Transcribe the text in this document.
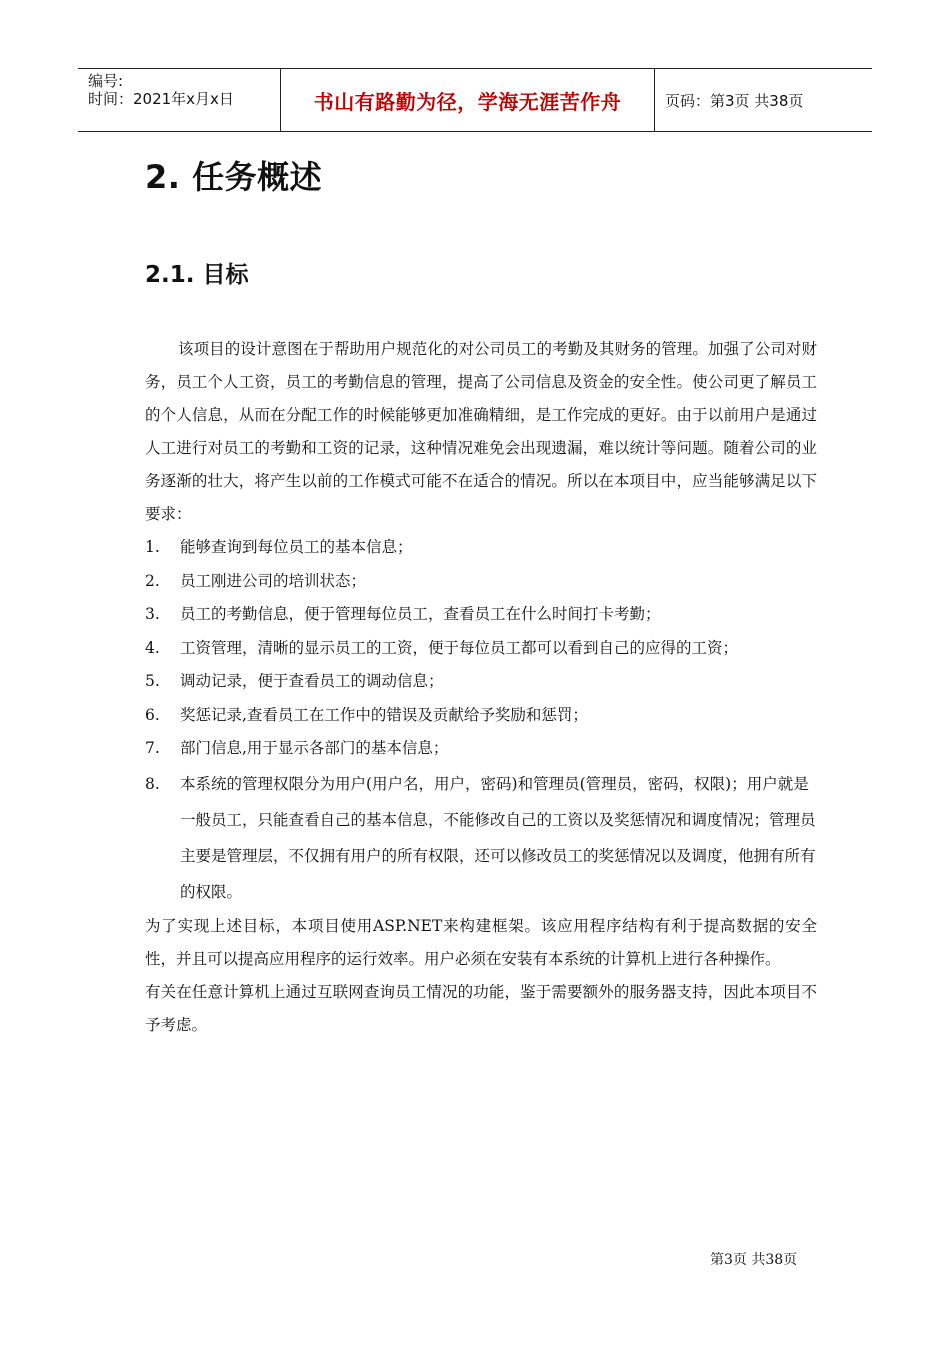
编号:
时间：2021年x月x日	书山有路勤为径，学海无涯苦作舟	页码：第3页 共38页
2. 任务概述
2.1. 目标

该项目的设计意图在于帮助用户规范化的对公司员工的考勤及其财务的管理。加强了公司对财务，员工个人工资，员工的考勤信息的管理，提高了公司信息及资金的安全性。使公司更了解员工的个人信息，从而在分配工作的时候能够更加准确精细，是工作完成的更好。由于以前用户是通过人工进行对员工的考勤和工资的记录，这种情况难免会出现遗漏，难以统计等问题。随着公司的业务逐渐的壮大，将产生以前的工作模式可能不在适合的情况。所以在本项目中，应当能够满足以下要求：

1. 能够查询到每位员工的基本信息；
2. 员工刚进公司的培训状态；
3. 员工的考勤信息，便于管理每位员工，查看员工在什么时间打卡考勤；
4. 工资管理，清晰的显示员工的工资，便于每位员工都可以看到自己的应得的工资；
5. 调动记录，便于查看员工的调动信息；
6. 奖惩记录,查看员工在工作中的错误及贡献给予奖励和惩罚；
7. 部门信息,用于显示各部门的基本信息；
8. 本系统的管理权限分为用户(用户名，用户，密码)和管理员(管理员，密码，权限)；用户就是一般员工，只能查看自己的基本信息，不能修改自己的工资以及奖惩情况和调度情况；管理员主要是管理层，不仅拥有用户的所有权限，还可以修改员工的奖惩情况以及调度，他拥有所有的权限。

为了实现上述目标，本项目使用ASP.NET来构建框架。该应用程序结构有利于提高数据的安全性，并且可以提高应用程序的运行效率。用户必须在安装有本系统的计算机上进行各种操作。

有关在任意计算机上通过互联网查询员工情况的功能，鉴于需要额外的服务器支持，因此本项目不予考虑。

第3页 共38页
